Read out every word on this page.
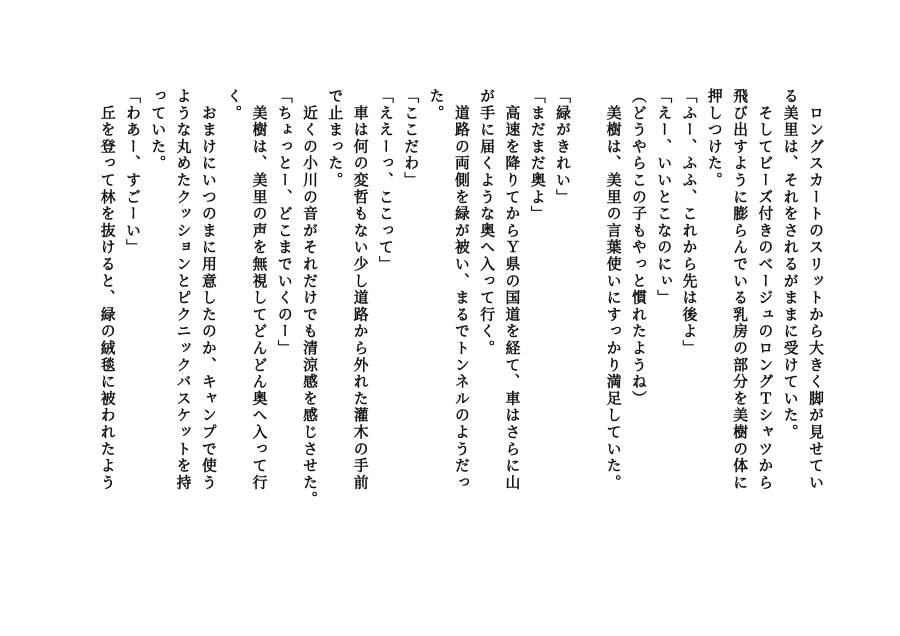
　ロングスカートのスリットから大きく脚が見せてい
る美里は、それをされるがままに受けていた。
　そしてビーズ付きのベージュのロングＴシャツから
飛び出すように膨らんでいる乳房の部分を美樹の体に
押しつけた。
「ふー、ふふ、これから先は後よ」
「えー、いいとこなのにぃ」
（どうやらこの子もやっと慣れたようね）
　美樹は、美里の言葉使いにすっかり満足していた。

「緑がきれい」
「まだまだ奥よ」
　高速を降りてからＹ県の国道を経て、車はさらに山
が手に届くような奥へ入って行く。
　道路の両側を緑が被い、まるでトンネルのようだっ
た。
「ここだわ」
「ええーっ、ここって」
　車は何の変哲もない少し道路から外れた灌木の手前
で止まった。
　近くの小川の音がそれだけでも清涼感を感じさせた。
「ちょっとー、どこまでいくのー」
　美樹は、美里の声を無視してどんどん奥へ入って行
く。
　おまけにいつのまに用意したのか、キャンプで使う
ような丸めたクッションとピクニックバスケットを持
っていた。
「わあー、すごーい」
　丘を登って林を抜けると、緑の絨毯に被われたよう
